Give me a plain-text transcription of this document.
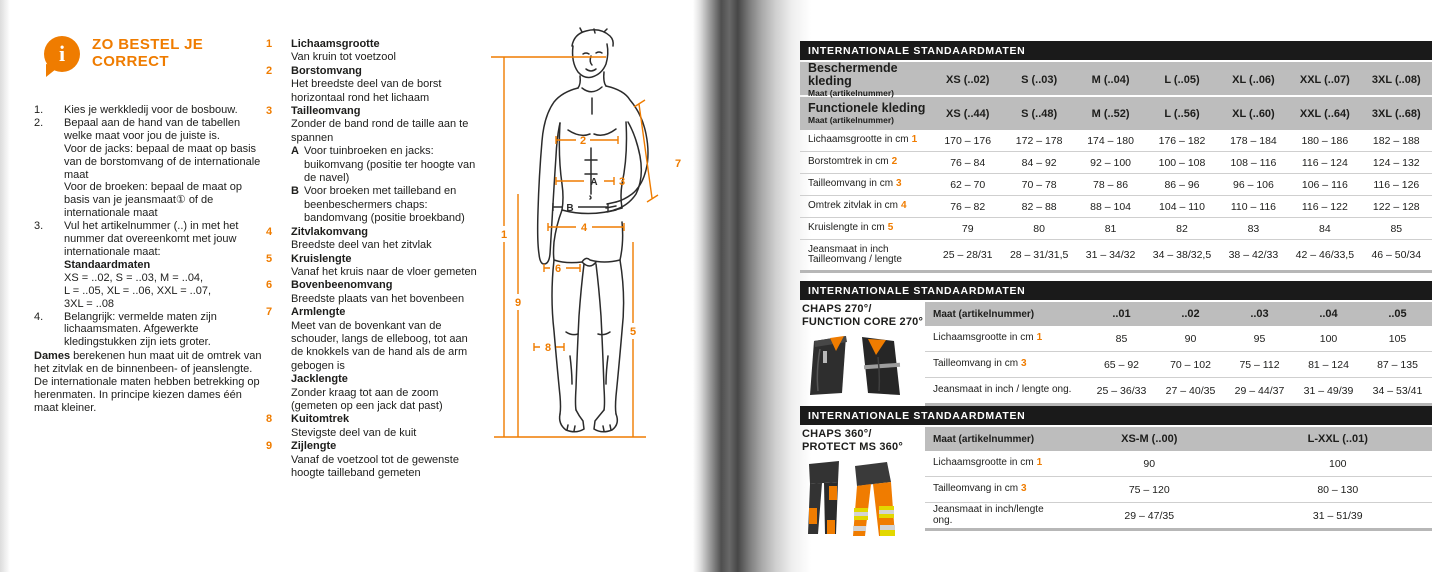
i ZO BESTEL JE
CORRECT
1.	Kies je werkkledij voor de bosbouw.
2.	Bepaal aan de hand van de tabellen welke maat voor jou de juiste is.
Voor de jacks: bepaal de maat op basis van de borstomvang of de internationale maat
Voor de broeken: bepaal de maat op basis van je jeansmaat① of de internationale maat
3.	Vul het artikelnummer (..) in met het nummer dat overeenkomt met jouw internationale maat:
Standaardmaten
XS = ..02, S = ..03, M = ..04,
L = ..05, XL = ..06, XXL = ..07,
3XL = ..08
4.	Belangrijk: vermelde maten zijn lichaamsmaten. Afgewerkte kledingstukken zijn iets groter.
Dames berekenen hun maat uit de omtrek van het zitvlak en de binnenbeen- of jeanslengte. De internationale maten hebben betrekking op herenmaten. In principe kiezen dames één maat kleiner.
1	Lichaamsgrootte
Van kruin tot voetzool
2	Borstomvang
Het breedste deel van de borst horizontaal rond het lichaam
3	Tailleomvang
Zonder de band rond de taille aan te spannen
A Voor tuinbroeken en jacks: buikomvang (positie ter hoogte van de navel)
B Voor broeken met tailleband en beenbeschermers chaps: bandomvang (positie broekband)
4	Zitvlakomvang
Breedste deel van het zitvlak
5	Kruislengte
Vanaf het kruis naar de vloer gemeten
6	Bovenbeenomvang
Breedste plaats van het bovenbeen
7	Armlengte
Meet van de bovenkant van de schouder, langs de elleboog, tot aan de knokkels van de hand als de arm gebogen is
Jacklengte
Zonder kraag tot aan de zoom (gemeten op een jack dat past)
8	Kuitomtrek
Stevigste deel van de kuit
9	Zijlengte
Vanaf de voetzool tot de gewenste hoogte tailleband gemeten
1
2
3
4
5
6
7
8
9
A
B
INTERNATIONALE STANDAARDMATEN
Beschermende kleding
Maat (artikelnummer)
XS (..02)	S (..03)	M (..04)	L (..05)	XL (..06)	XXL (..07)	3XL (..08)
Functionele kleding
Maat (artikelnummer)
XS (..44)	S (..48)	M (..52)	L (..56)	XL (..60)	XXL (..64)	3XL (..68)
Lichaamsgrootte in cm 1	170 – 176	172 – 178	174 – 180	176 – 182	178 – 184	180 – 186	182 – 188
Borstomtrek in cm 2	76 – 84	84 – 92	92 – 100	100 – 108	108 – 116	116 – 124	124 – 132
Tailleomvang in cm 3	62 – 70	70 – 78	78 – 86	86 – 96	96 – 106	106 – 116	116 – 126
Omtrek zitvlak in cm 4	76 – 82	82 – 88	88 – 104	104 – 110	110 – 116	116 – 122	122 – 128
Kruislengte in cm 5	79	80	81	82	83	84	85
Jeansmaat in inch
Tailleomvang / lengte	25 – 28/31	28 – 31/31,5	31 – 34/32	34 – 38/32,5	38 – 42/33	42 – 46/33,5	46 – 50/34
INTERNATIONALE STANDAARDMATEN
CHAPS 270°/
FUNCTION CORE 270°
Maat (artikelnummer)	..01	..02	..03	..04	..05
Lichaamsgrootte in cm 1	85	90	95	100	105
Tailleomvang in cm 3	65 – 92	70 – 102	75 – 112	81 – 124	87 – 135
Jeansmaat in inch / lengte ong.	25 – 36/33	27 – 40/35	29 – 44/37	31 – 49/39	34 – 53/41
INTERNATIONALE STANDAARDMATEN
CHAPS 360°/
PROTECT MS 360°
Maat (artikelnummer)	XS-M (..00)	L-XXL (..01)
Lichaamsgrootte in cm 1	90	100
Tailleomvang in cm 3	75 – 120	80 – 130
Jeansmaat in inch/lengte ong.	29 – 47/35	31 – 51/39
